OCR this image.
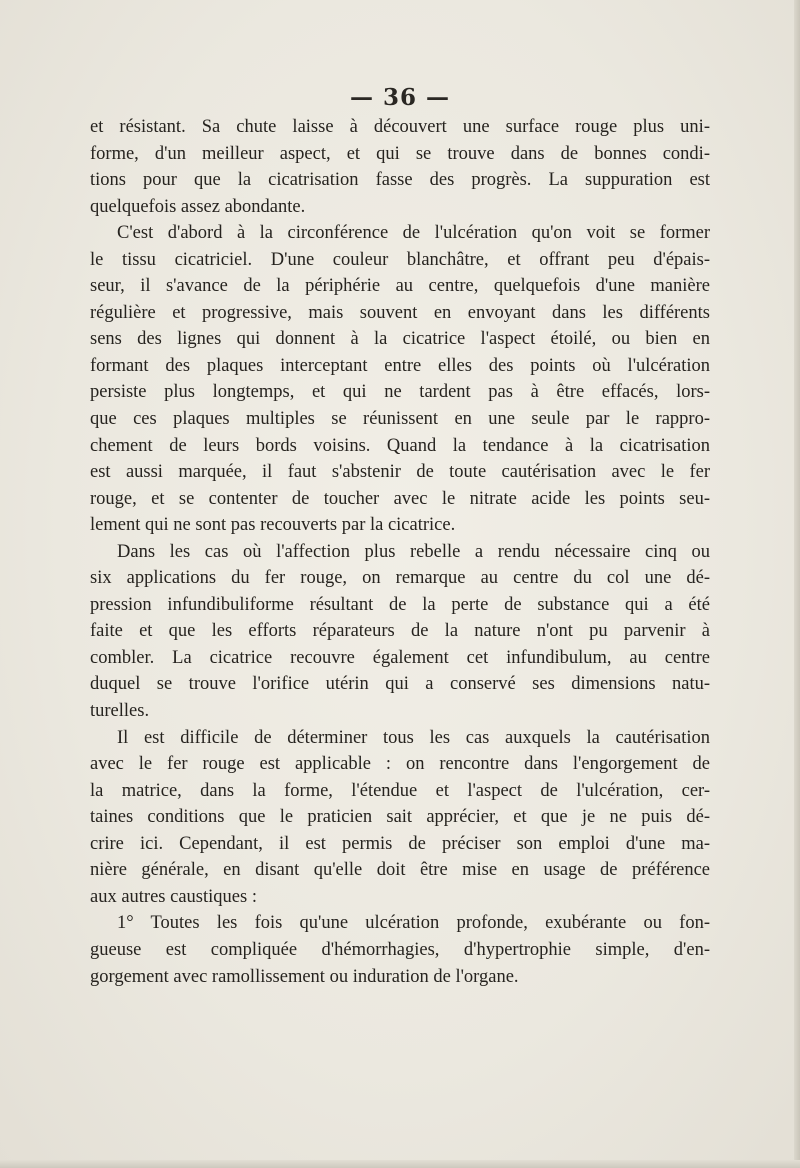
— 36 —
et résistant. Sa chute laisse à découvert une surface rouge plus uni-
forme, d'un meilleur aspect, et qui se trouve dans de bonnes condi-
tions pour que la cicatrisation fasse des progrès. La suppuration est
quelquefois assez abondante.
C'est d'abord à la circonférence de l'ulcération qu'on voit se former
le tissu cicatriciel. D'une couleur blanchâtre, et offrant peu d'épais-
seur, il s'avance de la périphérie au centre, quelquefois d'une manière
régulière et progressive, mais souvent en envoyant dans les différents
sens des lignes qui donnent à la cicatrice l'aspect étoilé, ou bien en
formant des plaques interceptant entre elles des points où l'ulcération
persiste plus longtemps, et qui ne tardent pas à être effacés, lors-
que ces plaques multiples se réunissent en une seule par le rappro-
chement de leurs bords voisins. Quand la tendance à la cicatrisation
est aussi marquée, il faut s'abstenir de toute cautérisation avec le fer
rouge, et se contenter de toucher avec le nitrate acide les points seu-
lement qui ne sont pas recouverts par la cicatrice.
Dans les cas où l'affection plus rebelle a rendu nécessaire cinq ou
six applications du fer rouge, on remarque au centre du col une dé-
pression infundibuliforme résultant de la perte de substance qui a été
faite et que les efforts réparateurs de la nature n'ont pu parvenir à
combler. La cicatrice recouvre également cet infundibulum, au centre
duquel se trouve l'orifice utérin qui a conservé ses dimensions natu-
turelles.
Il est difficile de déterminer tous les cas auxquels la cautérisation
avec le fer rouge est applicable : on rencontre dans l'engorgement de
la matrice, dans la forme, l'étendue et l'aspect de l'ulcération, cer-
taines conditions que le praticien sait apprécier, et que je ne puis dé-
crire ici. Cependant, il est permis de préciser son emploi d'une ma-
nière générale, en disant qu'elle doit être mise en usage de préférence
aux autres caustiques :
1° Toutes les fois qu'une ulcération profonde, exubérante ou fon-
gueuse est compliquée d'hémorrhagies, d'hypertrophie simple, d'en-
gorgement avec ramollissement ou induration de l'organe.
